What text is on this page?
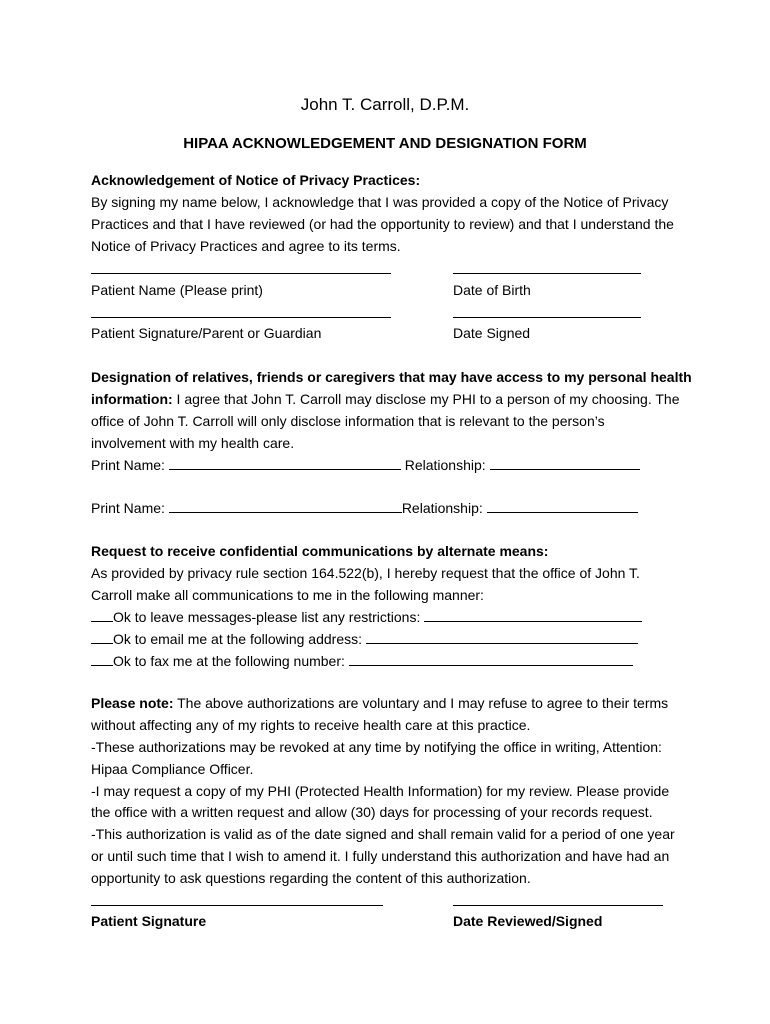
John T. Carroll, D.P.M.
HIPAA ACKNOWLEDGEMENT AND DESIGNATION FORM
Acknowledgement of Notice of Privacy Practices:
By signing my name below, I acknowledge that I was provided a copy of the Notice of Privacy
Practices and that I have reviewed (or had the opportunity to review) and that I understand the
Notice of Privacy Practices and agree to its terms.
Patient Name (Please print)	Date of Birth
Patient Signature/Parent or Guardian	Date Signed
Designation of relatives, friends or caregivers that may have access to my personal health
information: I agree that John T. Carroll may disclose my PHI to a person of my choosing. The
office of John T. Carroll will only disclose information that is relevant to the person’s
involvement with my health care.
Print Name:	Relationship:
Print Name:	Relationship:
Request to receive confidential communications by alternate means:
As provided by privacy rule section 164.522(b), I hereby request that the office of John T.
Carroll make all communications to me in the following manner:
Ok to leave messages-please list any restrictions:
Ok to email me at the following address:
Ok to fax me at the following number:
Please note: The above authorizations are voluntary and I may refuse to agree to their terms
without affecting any of my rights to receive health care at this practice.
-These authorizations may be revoked at any time by notifying the office in writing, Attention:
Hipaa Compliance Officer.
-I may request a copy of my PHI (Protected Health Information) for my review. Please provide
the office with a written request and allow (30) days for processing of your records request.
-This authorization is valid as of the date signed and shall remain valid for a period of one year
or until such time that I wish to amend it. I fully understand this authorization and have had an
opportunity to ask questions regarding the content of this authorization.
Patient Signature	Date Reviewed/Signed
